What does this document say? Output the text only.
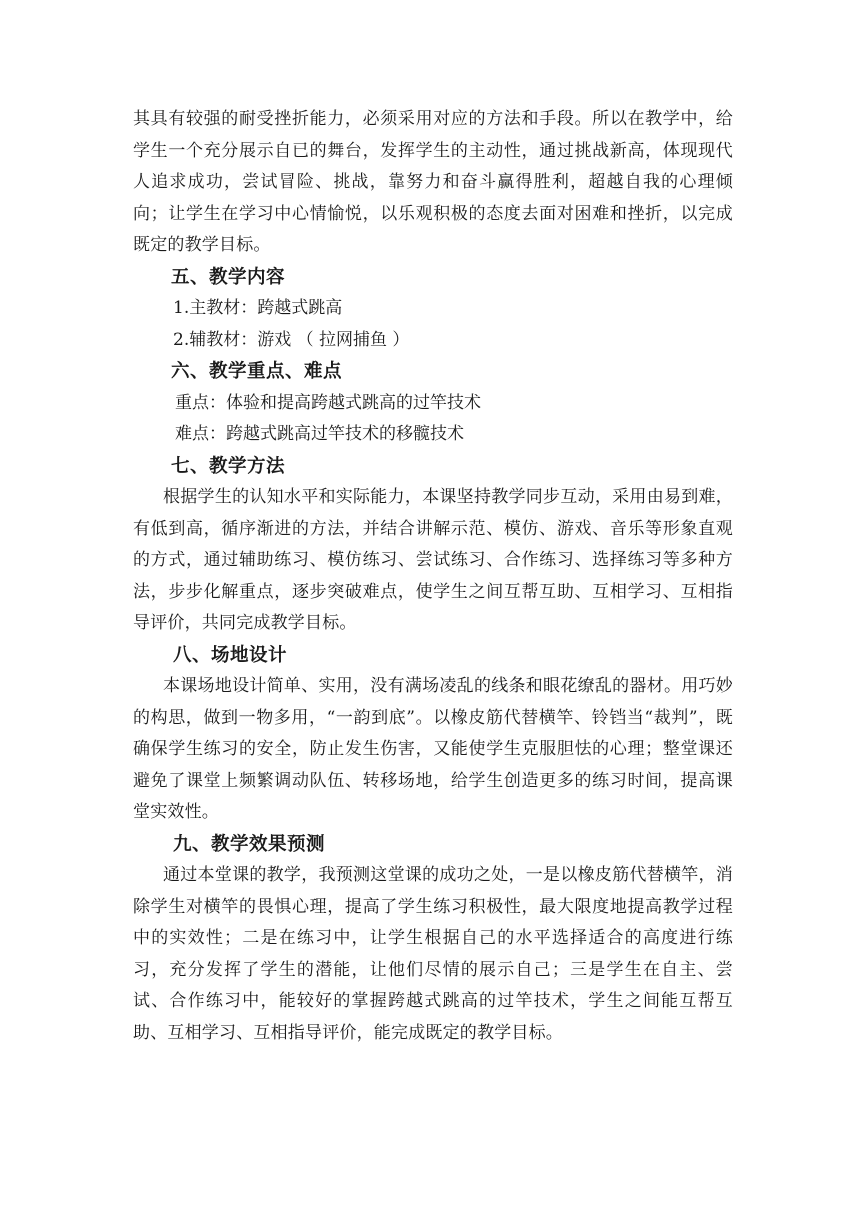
其具有较强的耐受挫折能力，必须采用对应的方法和手段。所以在教学中，给学生一个充分展示自已的舞台，发挥学生的主动性，通过挑战新高，体现现代人追求成功，尝试冒险、挑战，靠努力和奋斗赢得胜利，超越自我的心理倾向；让学生在学习中心情愉悦，以乐观积极的态度去面对困难和挫折，以完成既定的教学目标。

五、教学内容

1.主教材：跨越式跳高

2.辅教材：游戏 （ 拉网捕鱼 ）

六、教学重点、难点

重点：体验和提高跨越式跳高的过竿技术

难点：跨越式跳高过竿技术的移髋技术

七、教学方法

根据学生的认知水平和实际能力，本课坚持教学同步互动，采用由易到难，有低到高，循序渐进的方法，并结合讲解示范、模仿、游戏、音乐等形象直观的方式，通过辅助练习、模仿练习、尝试练习、合作练习、选择练习等多种方法，步步化解重点，逐步突破难点，使学生之间互帮互助、互相学习、互相指导评价，共同完成教学目标。

八、场地设计

本课场地设计简单、实用，没有满场凌乱的线条和眼花缭乱的器材。用巧妙的构思，做到一物多用，“一韵到底”。以橡皮筋代替横竿、铃铛当“裁判”，既确保学生练习的安全，防止发生伤害，又能使学生克服胆怯的心理；整堂课还避免了课堂上频繁调动队伍、转移场地，给学生创造更多的练习时间，提高课堂实效性。

九、教学效果预测

通过本堂课的教学，我预测这堂课的成功之处，一是以橡皮筋代替横竿，消除学生对横竿的畏惧心理，提高了学生练习积极性，最大限度地提高教学过程中的实效性；二是在练习中，让学生根据自己的水平选择适合的高度进行练习，充分发挥了学生的潜能，让他们尽情的展示自己；三是学生在自主、尝试、合作练习中，能较好的掌握跨越式跳高的过竿技术，学生之间能互帮互助、互相学习、互相指导评价，能完成既定的教学目标。
